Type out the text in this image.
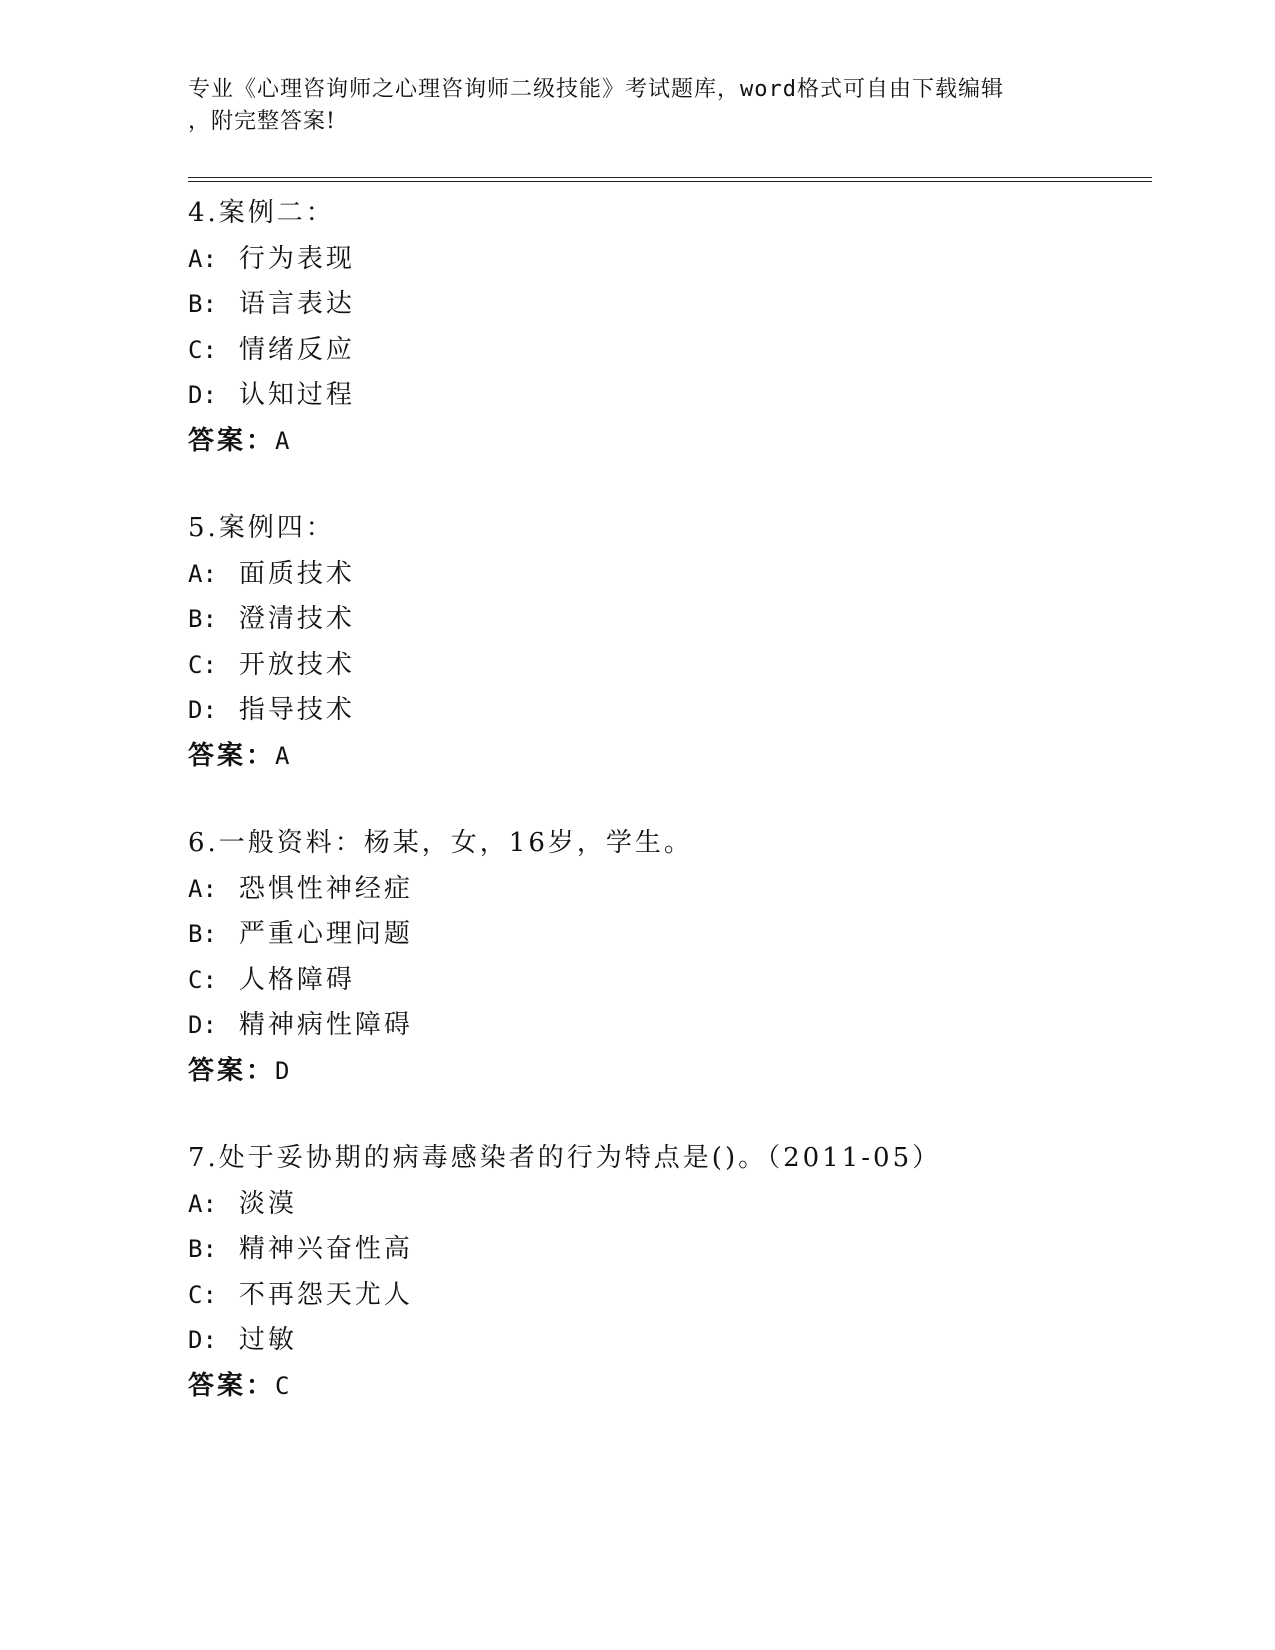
专业《心理咨询师之心理咨询师二级技能》考试题库，word格式可自由下载编辑
，附完整答案!
4.案例二：
A: 行为表现
B: 语言表达
C: 情绪反应
D: 认知过程
答案：A
5.案例四：
A: 面质技术
B: 澄清技术
C: 开放技术
D: 指导技术
答案：A
6.一般资料：杨某，女，16岁，学生。
A: 恐惧性神经症
B: 严重心理问题
C: 人格障碍
D: 精神病性障碍
答案：D
7.处于妥协期的病毒感染者的行为特点是()。（2011-05）
A: 淡漠
B: 精神兴奋性高
C: 不再怨天尤人
D: 过敏
答案：C
